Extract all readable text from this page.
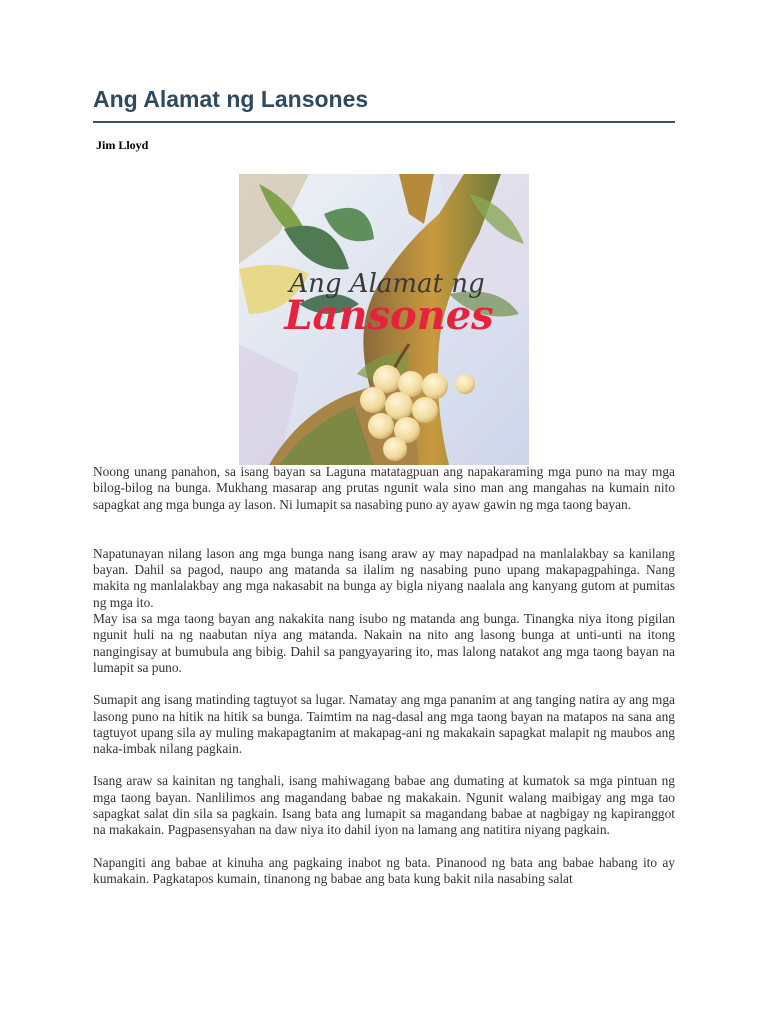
Ang Alamat ng Lansones
Jim Lloyd
Ang Alamat ng
Lansones

Noong unang panahon, sa isang bayan sa Laguna matatagpuan ang napakaraming mga puno na may mga bilog-bilog na bunga. Mukhang masarap ang prutas ngunit wala sino man ang mangahas na kumain nito sapagkat ang mga bunga ay lason. Ni lumapit sa nasabing puno ay ayaw gawin ng mga taong bayan.

Napatunayan nilang lason ang mga bunga nang isang araw ay may napadpad na manlalakbay sa kanilang bayan. Dahil sa pagod, naupo ang matanda sa ilalim ng nasabing puno upang makapagpahinga. Nang makita ng manlalakbay ang mga nakasabit na bunga ay bigla niyang naalala ang kanyang gutom at pumitas ng mga ito.

May isa sa mga taong bayan ang nakakita nang isubo ng matanda ang bunga. Tinangka niya itong pigilan ngunit huli na ng naabutan niya ang matanda. Nakain na nito ang lasong bunga at unti-unti na itong nangingisay at bumubula ang bibig. Dahil sa pangyayaring ito, mas lalong natakot ang mga taong bayan na lumapit sa puno.

Sumapit ang isang matinding tagtuyot sa lugar. Namatay ang mga pananim at ang tanging natira ay ang mga lasong puno na hitik na hitik sa bunga. Taimtim na nag-dasal ang mga taong bayan na matapos na sana ang tagtuyot upang sila ay muling makapagtanim at makapag-ani ng makakain sapagkat malapit ng maubos ang naka-imbak nilang pagkain.

Isang araw sa kainitan ng tanghali, isang mahiwagang babae ang dumating at kumatok sa mga pintuan ng mga taong bayan. Nanlilimos ang magandang babae ng makakain. Ngunit walang maibigay ang mga tao sapagkat salat din sila sa pagkain. Isang bata ang lumapit sa magandang babae at nagbigay ng kapiranggot na makakain. Pagpasensyahan na daw niya ito dahil iyon na lamang ang natitira niyang pagkain.

Napangiti ang babae at kinuha ang pagkaing inabot ng bata. Pinanood ng bata ang babae habang ito ay kumakain. Pagkatapos kumain, tinanong ng babae ang bata kung bakit nila nasabing salat
